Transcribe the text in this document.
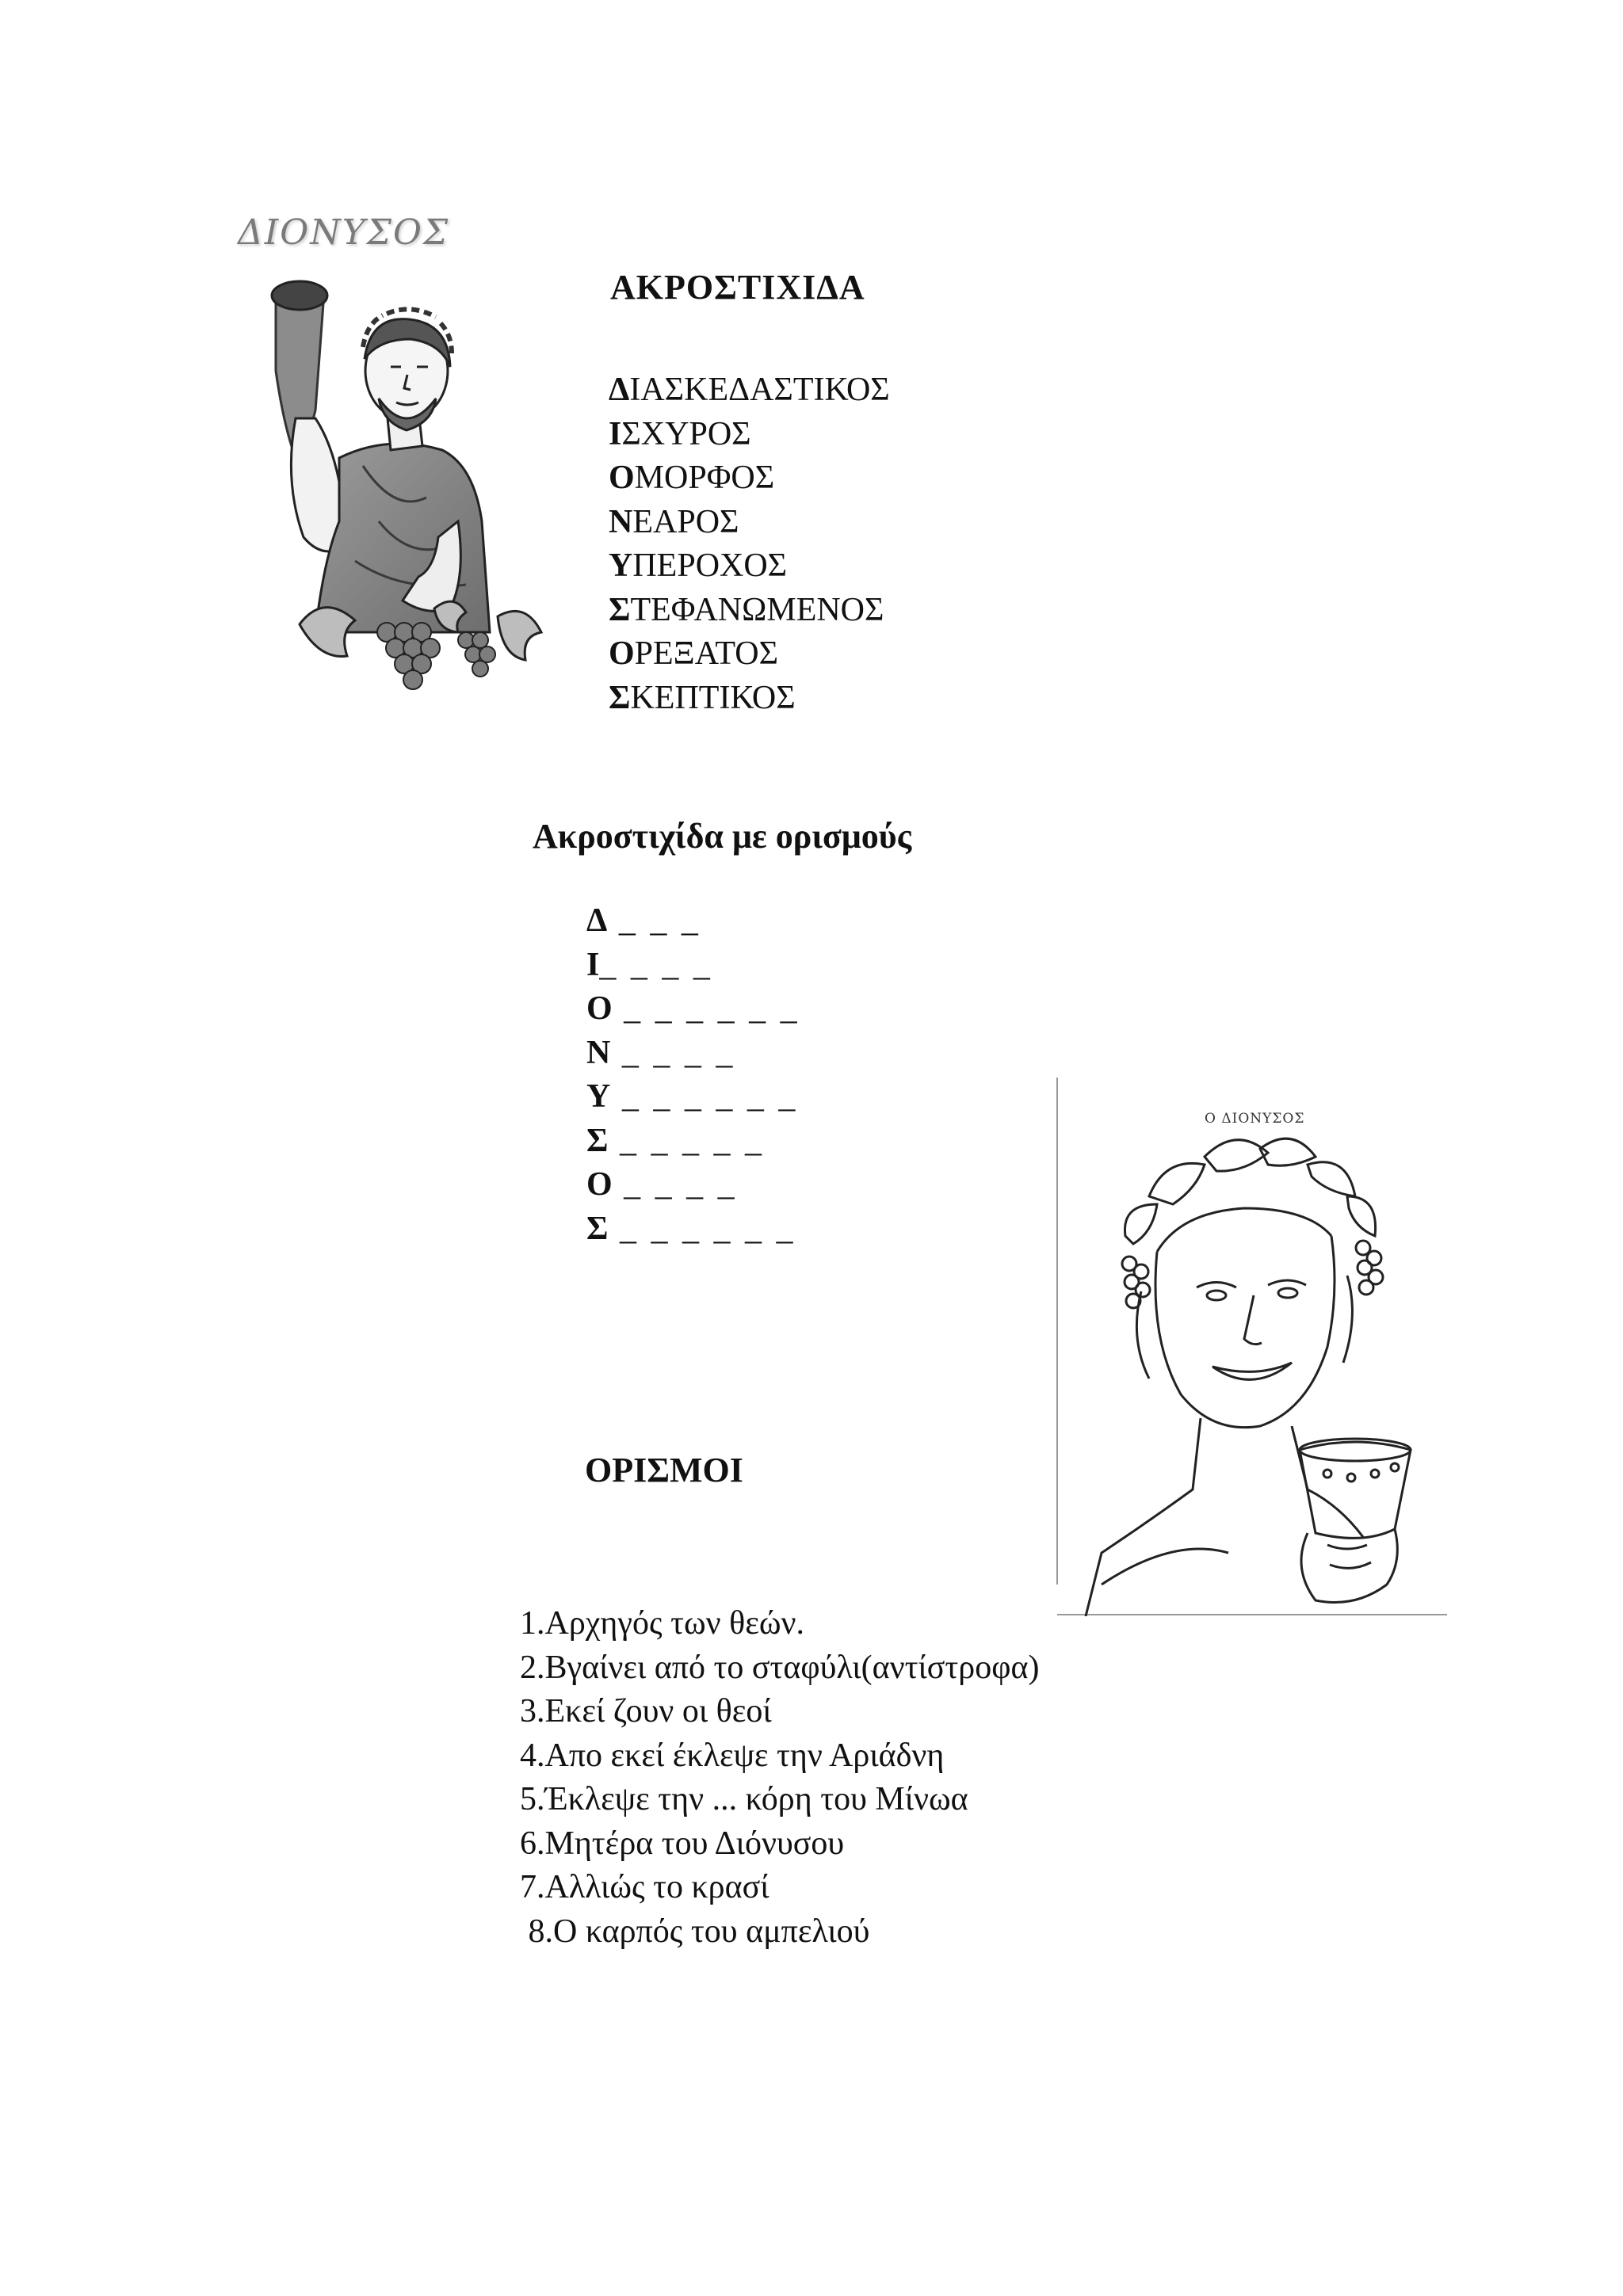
ΔΙΟΝΥΣΟΣ
ΑΚΡΟΣΤΙΧΙΔΑ
ΔΙΑΣΚΕΔΑΣΤΙΚΟΣ
ΙΣΧΥΡΟΣ
ΟΜΟΡΦΟΣ
ΝΕΑΡΟΣ
ΥΠΕΡΟΧΟΣ
ΣΤΕΦΑΝΩΜΕΝΟΣ
ΟΡΕΞΑΤΟΣ
ΣΚΕΠΤΙΚΟΣ
Ακροστιχίδα με ορισμούς
Δ _ _ _
Ι_ _ _ _
Ο _ _ _ _ _ _
Ν _ _ _ _
Υ _ _ _ _ _ _
Σ _ _ _ _ _
Ο _ _ _ _
Σ _ _ _ _ _ _
Ο ΔΙΟΝΥΣΟΣ
ΟΡΙΣΜΟΙ
1.Αρχηγός των θεών.
2.Βγαίνει από το σταφύλι(αντίστροφα)
3.Εκεί ζουν οι θεοί
4.Απο εκεί έκλεψε την Αριάδνη
5.Έκλεψε την ... κόρη του Μίνωα
6.Μητέρα του Διόνυσου
7.Αλλιώς το κρασί
8.Ο καρπός του αμπελιού
